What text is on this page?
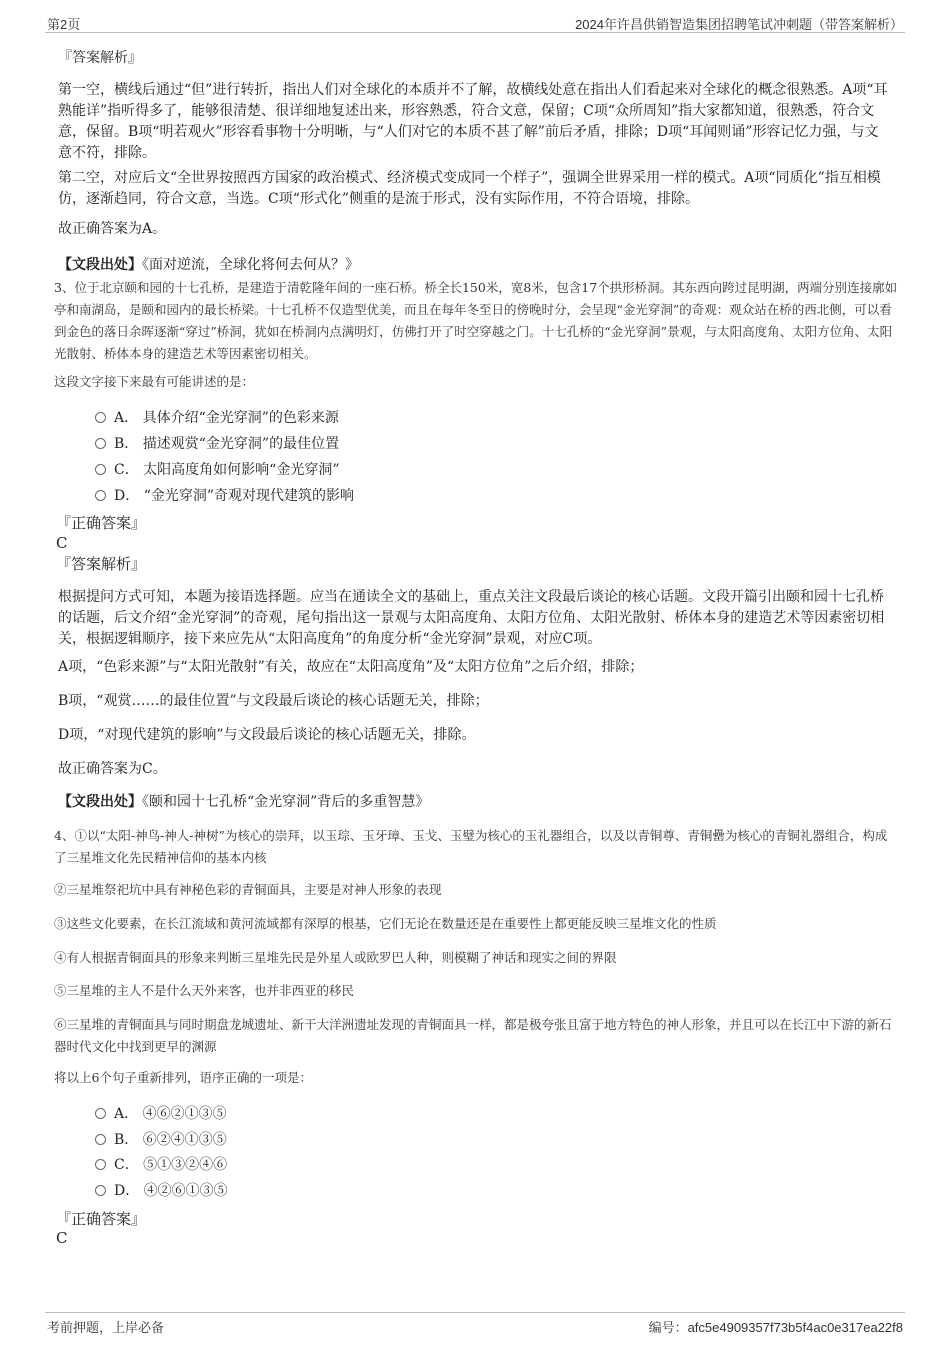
第2页	2024年许昌供销智造集团招聘笔试冲刺题（带答案解析）
『答案解析』

第一空，横线后通过“但”进行转折，指出人们对全球化的本质并不了解，故横线处意在指出人们看起来对全球化的概念很熟悉。A项“耳熟能详”指听得多了，能够很清楚、很详细地复述出来，形容熟悉，符合文意，保留；C项“众所周知”指大家都知道，很熟悉，符合文意，保留。B项“明若观火”形容看事物十分明晰，与“人们对它的本质不甚了解”前后矛盾，排除；D项“耳闻则诵”形容记忆力强，与文意不符，排除。

第二空，对应后文“全世界按照西方国家的政治模式、经济模式变成同一个样子”，强调全世界采用一样的模式。A项“同质化”指互相模仿，逐渐趋同，符合文意，当选。C项“形式化”侧重的是流于形式，没有实际作用，不符合语境，排除。

故正确答案为A。

【文段出处】《面对逆流，全球化将何去何从？》

3、位于北京颐和园的十七孔桥，是建造于清乾隆年间的一座石桥。桥全长150米，宽8米，包含17个拱形桥洞。其东西向跨过昆明湖，两端分别连接廓如亭和南湖岛，是颐和园内的最长桥梁。十七孔桥不仅造型优美，而且在每年冬至日的傍晚时分，会呈现“金光穿洞”的奇观：观众站在桥的西北侧，可以看到金色的落日余晖逐渐“穿过”桥洞，犹如在桥洞内点满明灯，仿佛打开了时空穿越之门。十七孔桥的“金光穿洞”景观，与太阳高度角、太阳方位角、太阳光散射、桥体本身的建造艺术等因素密切相关。

这段文字接下来最有可能讲述的是：

A． 具体介绍“金光穿洞”的色彩来源
B． 描述观赏“金光穿洞”的最佳位置
C． 太阳高度角如何影响“金光穿洞”
D． “金光穿洞”奇观对现代建筑的影响
『正确答案』
C
『答案解析』

根据提问方式可知，本题为接语选择题。应当在通读全文的基础上，重点关注文段最后谈论的核心话题。文段开篇引出颐和园十七孔桥的话题，后文介绍“金光穿洞”的奇观，尾句指出这一景观与太阳高度角、太阳方位角、太阳光散射、桥体本身的建造艺术等因素密切相关，根据逻辑顺序，接下来应先从“太阳高度角”的角度分析“金光穿洞”景观，对应C项。

A项，“色彩来源”与“太阳光散射”有关，故应在“太阳高度角”及“太阳方位角”之后介绍，排除；

B项，“观赏……的最佳位置”与文段最后谈论的核心话题无关，排除；

D项，“对现代建筑的影响”与文段最后谈论的核心话题无关，排除。

故正确答案为C。

【文段出处】《颐和园十七孔桥“金光穿洞”背后的多重智慧》

4、①以“太阳-神鸟-神人-神树”为核心的崇拜，以玉琮、玉牙璋、玉戈、玉璧为核心的玉礼器组合，以及以青铜尊、青铜罍为核心的青铜礼器组合，构成了三星堆文化先民精神信仰的基本内核

②三星堆祭祀坑中具有神秘色彩的青铜面具，主要是对神人形象的表现

③这些文化要素，在长江流域和黄河流域都有深厚的根基，它们无论在数量还是在重要性上都更能反映三星堆文化的性质

④有人根据青铜面具的形象来判断三星堆先民是外星人或欧罗巴人种，则模糊了神话和现实之间的界限

⑤三星堆的主人不是什么天外来客，也并非西亚的移民

⑥三星堆的青铜面具与同时期盘龙城遗址、新干大洋洲遗址发现的青铜面具一样，都是极夸张且富于地方特色的神人形象，并且可以在长江中下游的新石器时代文化中找到更早的渊源

将以上6个句子重新排列，语序正确的一项是：

A． ④⑥②①③⑤
B． ⑥②④①③⑤
C． ⑤①③②④⑥
D． ④②⑥①③⑤
『正确答案』
C
考前押题，上岸必备	编号：afc5e4909357f73b5f4ac0e317ea22f8
